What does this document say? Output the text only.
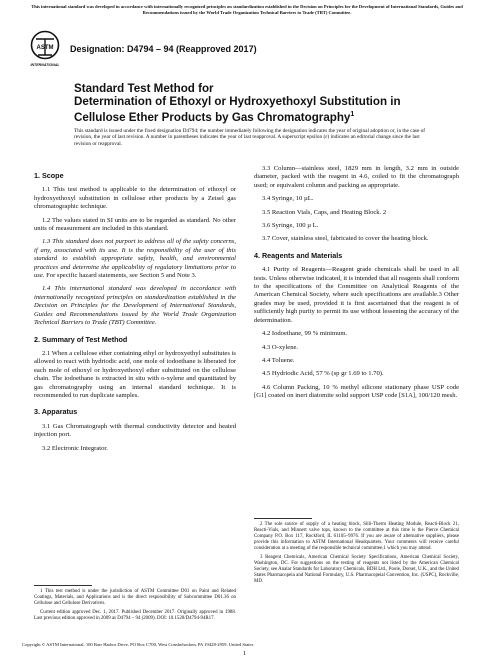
This international standard was developed in accordance with internationally recognized principles on standardization established in the Decision on Principles for the Development of International Standards, Guides and Recommendations issued by the World Trade Organization Technical Barriers to Trade (TBT) Committee.
ASTM
INTERNATIONAL
Designation: D4794 – 94 (Reapproved 2017)
Standard Test Method for
Determination of Ethoxyl or Hydroxyethoxyl Substitution in
Cellulose Ether Products by Gas Chromatography$^1$
This standard is issued under the fixed designation D4794; the number immediately following the designation indicates the year of original adoption or, in the case of revision, the year of last revision. A number in parentheses indicates the year of last reapproval. A superscript epsilon (ε) indicates an editorial change since the last revision or reapproval.
1. Scope

1.1 This test method is applicable to the determination of ethoxyl or hydroxyethoxyl substitution in cellulose ether products by a Zeisel gas chromatographic technique.

1.2 The values stated in SI units are to be regarded as standard. No other units of measurement are included in this standard.

1.3 This standard does not purport to address all of the safety concerns, if any, associated with its use. It is the responsibility of the user of this standard to establish appropriate safety, health, and environmental practices and determine the applicability of regulatory limitations prior to use. For specific hazard statements, see Section 5 and Note 3.

1.4 This international standard was developed in accordance with internationally recognized principles on standardization established in the Decision on Principles for the Development of International Standards, Guides and Recommendations issued by the World Trade Organization Technical Barriers to Trade (TBT) Committee.

2. Summary of Test Method

2.1 When a cellulose ether containing ethyl or hydroxyethyl substitutes is allowed to react with hydriodic acid, one mole of iodoethane is liberated for each mole of ethoxyl or hydroxyethoxyl ether substituted on the cellulose chain. The iodoethane is extracted in situ with o-xylene and quantitated by gas chromatography using an internal standard technique. It is recommended to run duplicate samples.

3. Apparatus

3.1 Gas Chromatograph with thermal conductivity detector and heated injection port.

3.2 Electronic Integrator.

3.3 Column—stainless steel, 1829 mm in length, 3.2 mm in outside diameter, packed with the reagent in 4.6, coiled to fit the chromatograph used; or equivalent column and packing as appropriate.

3.4 Syringe, 10 µL.

3.5 Reaction Vials, Caps, and Heating Block. 2

3.6 Syringe, 100 µ L.

3.7 Cover, stainless steel, fabricated to cover the heating block.

4. Reagents and Materials

4.1 Purity of Reagents—Reagent grade chemicals shall be used in all tests. Unless otherwise indicated, it is intended that all reagents shall conform to the specifications of the Committee on Analytical Reagents of the American Chemical Society, where such specifications are available.3 Other grades may be used, provided it is first ascertained that the reagent is of sufficiently high purity to permit its use without lessening the accuracy of the determination.

4.2 Iodoethane, 99 % minimum.

4.3 O-xylene.

4.4 Toluene.

4.5 Hydriodic Acid, 57 % (sp gr 1.69 to 1.70).

4.6 Column Packing, 10 % methyl silicone stationary phase USP code [G1] coated on inert diatomite solid support USP code [S1A], 100/120 mesh.

1 This test method is under the jurisdiction of ASTM Committee D01 on Paint and Related Coatings, Materials, and Applications and is the direct responsibility of Subcommittee D01.36 on Cellulose and Cellulose Derivatives.

Current edition approved Dec. 1, 2017. Published December 2017. Originally approved in 1988. Last previous edition approved in 2009 as D4794 – 94 (2009). DOI: 10.1520/D4794-94R17.

2 The sole source of supply of a heating block, Silli-Therm Heating Module, Reacti-Block 21, Reacti-Vials, and Minnert valve tops, known to the committee at this time is the Pierce Chemical Company P.O. Box 117, Rockford, IL 61105–9976. If you are aware of alternative suppliers, please provide this information to ASTM International Headquarters. Your comments will receive careful consideration at a meeting of the responsible technical committee,1 which you may attend.

3 Reagent Chemicals, American Chemical Society Specifications, American Chemical Society, Washington, DC. For suggestions on the testing of reagents not listed by the American Chemical Society, see Analar Standards for Laboratory Chemicals, BDH Ltd., Poole, Dorset, U.K., and the United States Pharmacopeia and National Formulary, U.S. Pharmacopeial Convention, Inc. (USPC), Rockville, MD.

Copyright © ASTM International, 100 Barr Harbor Drive, PO Box C700, West Conshohocken, PA 19428-2959. United States
1
